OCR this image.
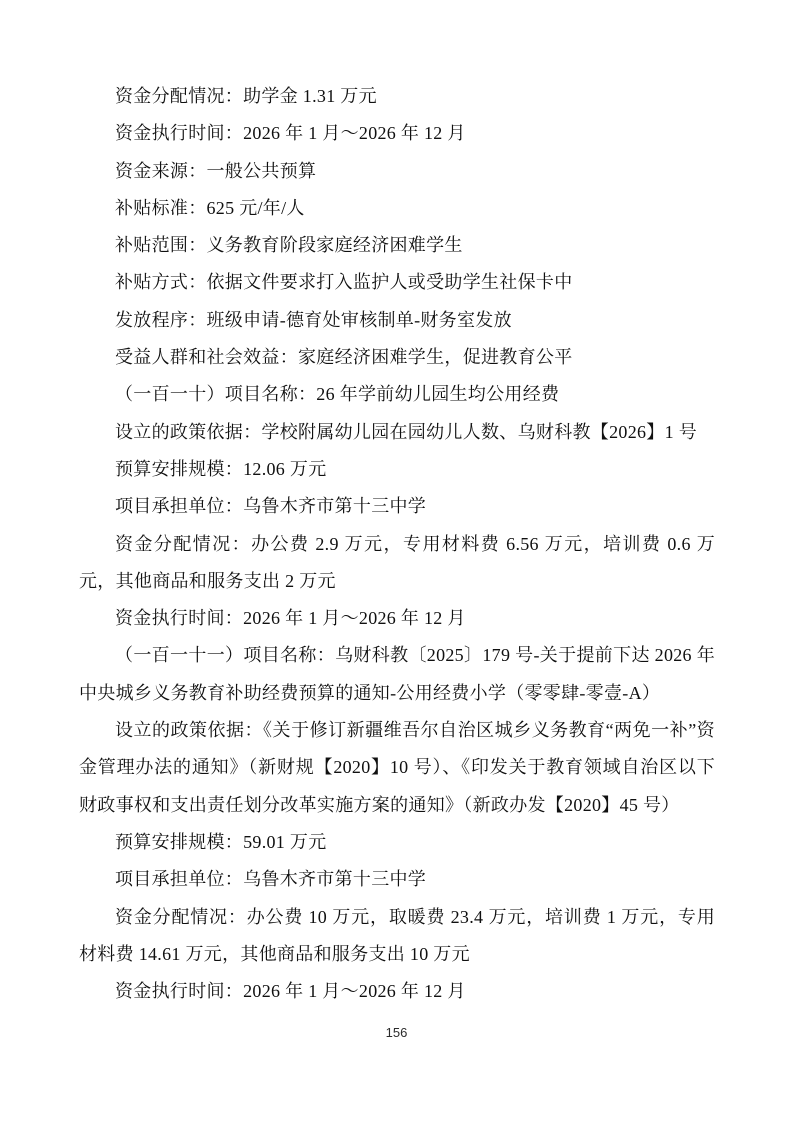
资金分配情况：助学金 1.31 万元

资金执行时间：2026 年 1 月～2026 年 12 月

资金来源：一般公共预算

补贴标准：625 元/年/人

补贴范围：义务教育阶段家庭经济困难学生

补贴方式：依据文件要求打入监护人或受助学生社保卡中

发放程序：班级申请-德育处审核制单-财务室发放

受益人群和社会效益：家庭经济困难学生，促进教育公平

（一百一十）项目名称：26 年学前幼儿园生均公用经费

设立的政策依据：学校附属幼儿园在园幼儿人数、乌财科教【2026】1 号

预算安排规模：12.06 万元

项目承担单位：乌鲁木齐市第十三中学

资金分配情况：办公费 2.9 万元，专用材料费 6.56 万元，培训费 0.6 万元，其他商品和服务支出 2 万元

资金执行时间：2026 年 1 月～2026 年 12 月

（一百一十一）项目名称：乌财科教〔2025〕179 号-关于提前下达 2026 年中央城乡义务教育补助经费预算的通知-公用经费小学（零零肆-零壹-A）

设立的政策依据：《关于修订新疆维吾尔自治区城乡义务教育“两免一补”资金管理办法的通知》（新财规【2020】10 号）、《印发关于教育领域自治区以下财政事权和支出责任划分改革实施方案的通知》（新政办发【2020】45 号）

预算安排规模：59.01 万元

项目承担单位：乌鲁木齐市第十三中学

资金分配情况：办公费 10 万元，取暖费 23.4 万元，培训费 1 万元，专用材料费 14.61 万元，其他商品和服务支出 10 万元

资金执行时间：2026 年 1 月～2026 年 12 月

156
